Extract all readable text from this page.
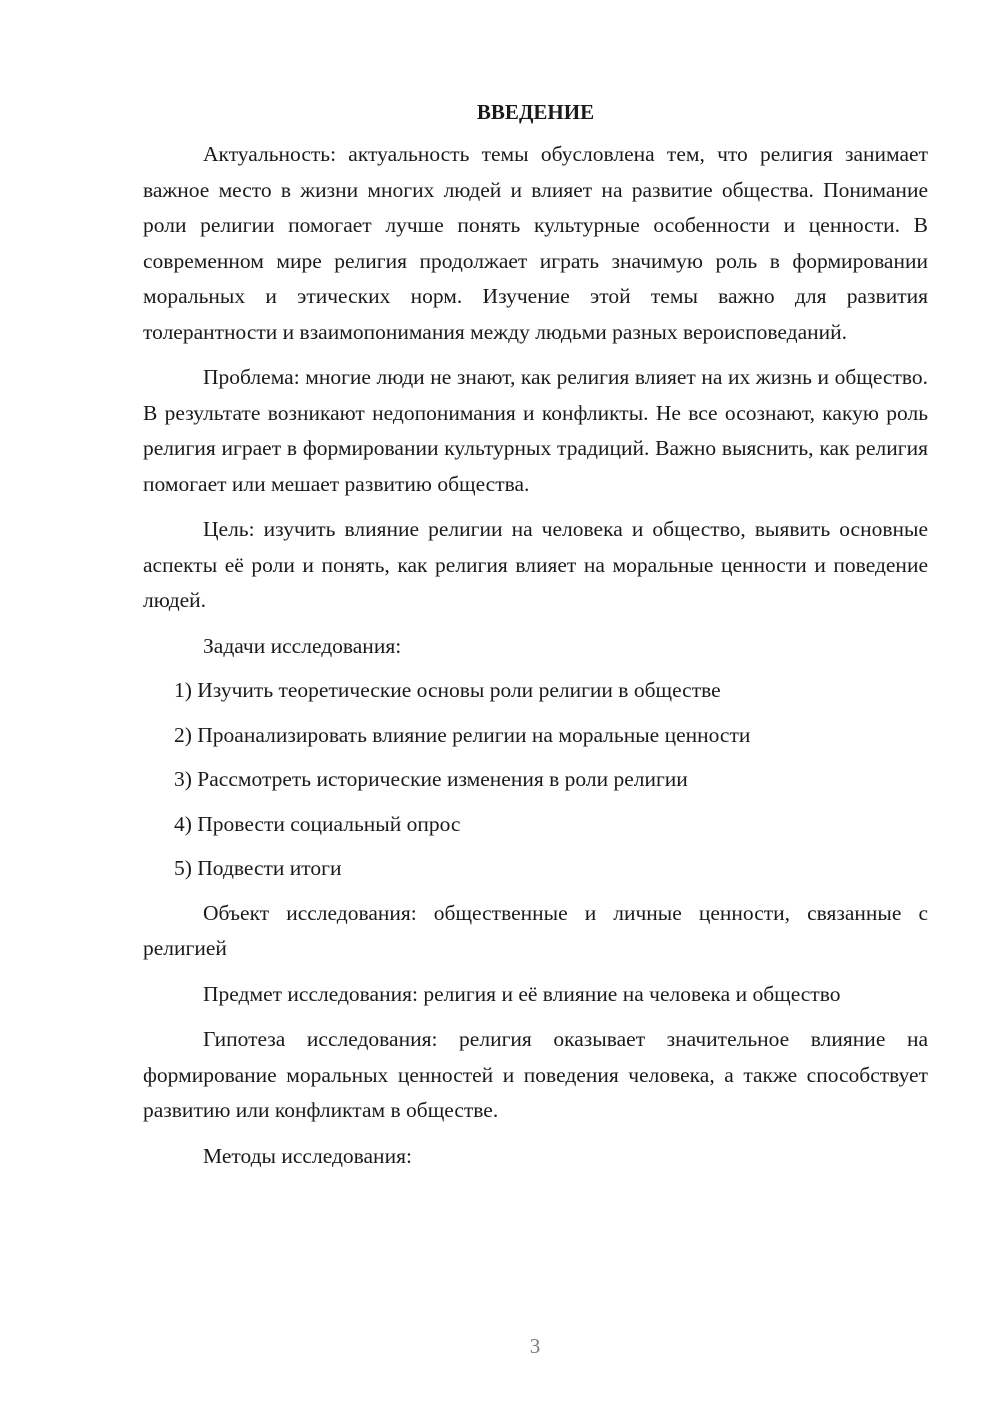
ВВЕДЕНИЕ

Актуальность: актуальность темы обусловлена тем, что религия занимает важное место в жизни многих людей и влияет на развитие общества. Понимание роли религии помогает лучше понять культурные особенности и ценности. В современном мире религия продолжает играть значимую роль в формировании моральных и этических норм. Изучение этой темы важно для развития толерантности и взаимопонимания между людьми разных вероисповеданий.

Проблема: многие люди не знают, как религия влияет на их жизнь и общество. В результате возникают недопонимания и конфликты. Не все осознают, какую роль религия играет в формировании культурных традиций. Важно выяснить, как религия помогает или мешает развитию общества.

Цель: изучить влияние религии на человека и общество, выявить основные аспекты её роли и понять, как религия влияет на моральные ценности и поведение людей.

Задачи исследования:

1) Изучить теоретические основы роли религии в обществе

2) Проанализировать влияние религии на моральные ценности

3) Рассмотреть исторические изменения в роли религии

4) Провести социальный опрос

5) Подвести итоги

Объект исследования: общественные и личные ценности, связанные с религией

Предмет исследования: религия и её влияние на человека и общество

Гипотеза исследования: религия оказывает значительное влияние на формирование моральных ценностей и поведения человека, а также способствует развитию или конфликтам в обществе.

Методы исследования:

3
